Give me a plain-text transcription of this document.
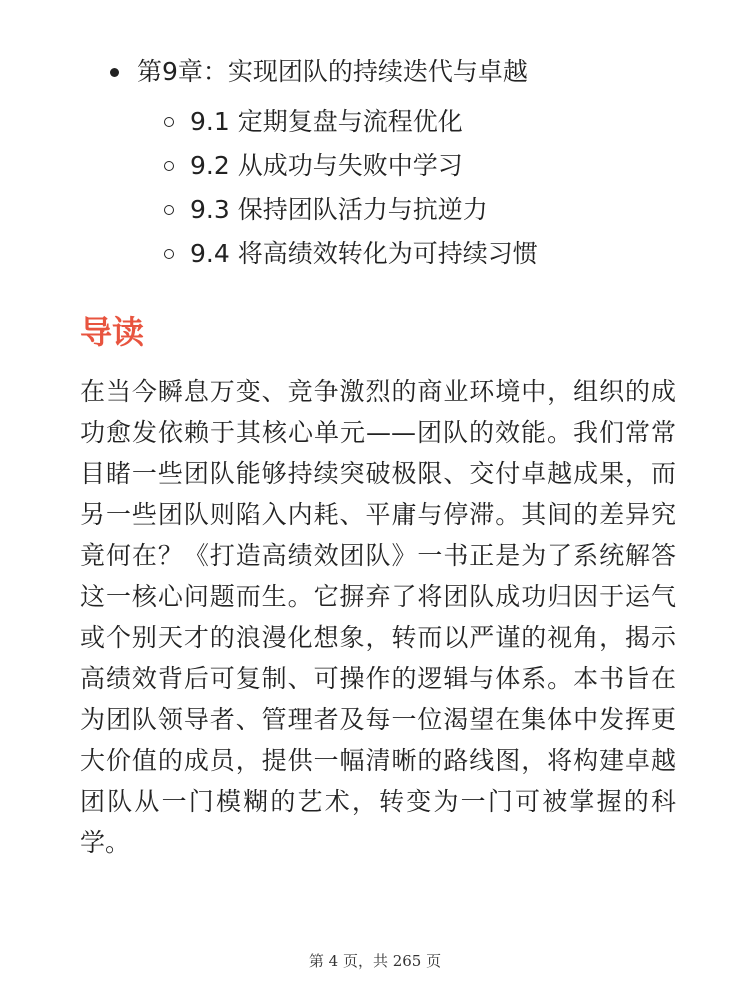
第9章：实现团队的持续迭代与卓越
9.1 定期复盘与流程优化
9.2 从成功与失败中学习
9.3 保持团队活力与抗逆力
9.4 将高绩效转化为可持续习惯
导读

在当今瞬息万变、竞争激烈的商业环境中，组织的成功愈发依赖于其核心单元——团队的效能。我们常常目睹一些团队能够持续突破极限、交付卓越成果，而另一些团队则陷入内耗、平庸与停滞。其间的差异究竟何在？《打造高绩效团队》一书正是为了系统解答这一核心问题而生。它摒弃了将团队成功归因于运气或个别天才的浪漫化想象，转而以严谨的视角，揭示高绩效背后可复制、可操作的逻辑与体系。本书旨在为团队领导者、管理者及每一位渴望在集体中发挥更大价值的成员，提供一幅清晰的路线图，将构建卓越团队从一门模糊的艺术，转变为一门可被掌握的科学。

第 4 页，共 265 页
